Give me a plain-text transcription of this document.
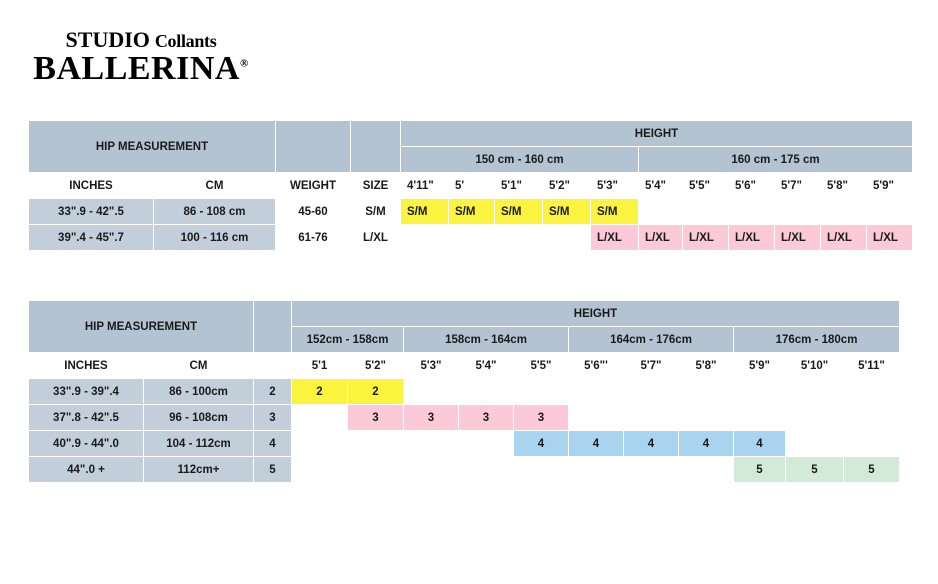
STUDIO Collants
BALLERINA®
HIP MEASUREMENT				HEIGHT										
				150 cm - 160 cm					160 cm - 175 cm					
INCHES	CM	WEIGHT	SIZE	4'11"	5'	5'1"	5'2"	5'3"	5'4"	5'5"	5'6"	5'7"	5'8"	5'9"
33".9 - 42".5	86 - 108 cm	45-60	S/M	S/M	S/M	S/M	S/M	S/M						
39".4 - 45".7	100 - 116 cm	61-76	L/XL					L/XL	L/XL	L/XL	L/XL	L/XL	L/XL	L/XL
HIP MEASUREMENT			HEIGHT										
			152cm - 158cm		158cm - 164cm			164cm - 176cm			176cm - 180cm		
INCHES	CM		5'1	5'2"	5'3"	5'4"	5'5"	5'6"'	5'7"	5'8"	5'9"	5'10"	5'11"
33".9 - 39".4	86 - 100cm	2	2	2									
37".8 - 42".5	96 - 108cm	3		3	3	3	3						
40".9 - 44".0	104 - 112cm	4					4	4	4	4	4		
44".0 +	112cm+	5									5	5	5
